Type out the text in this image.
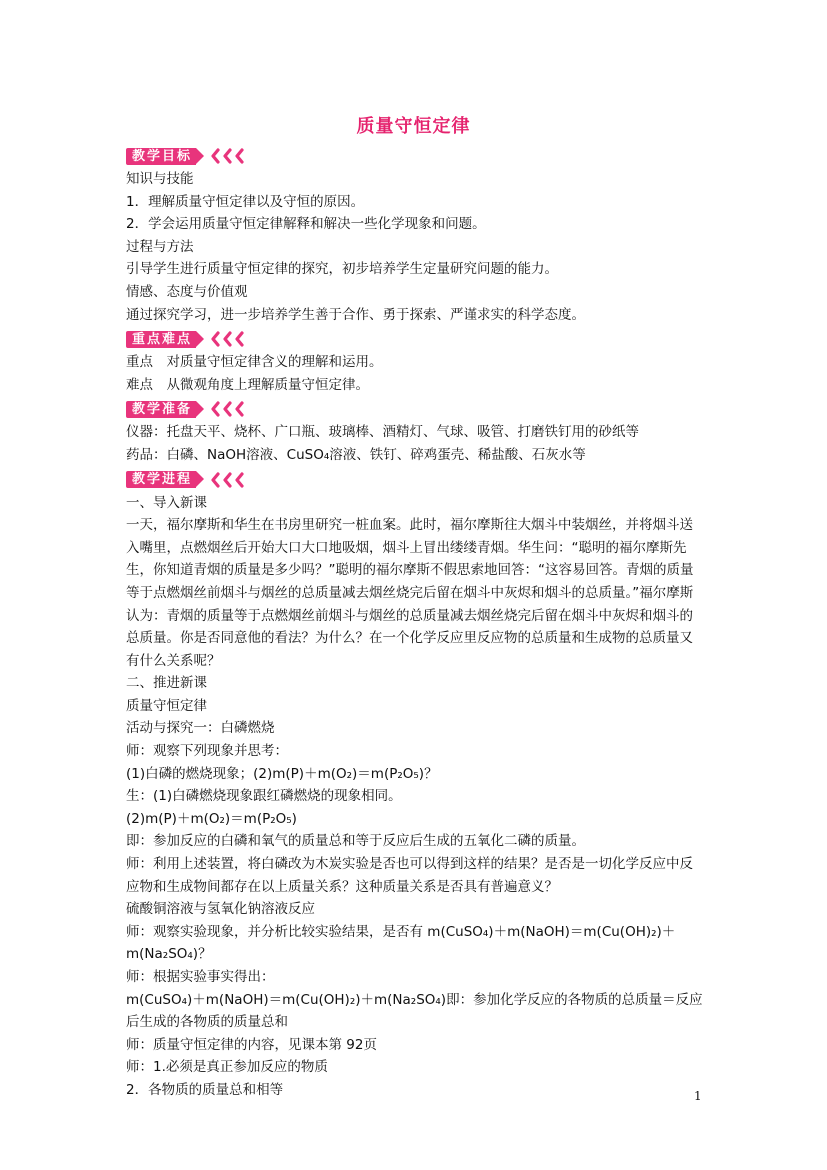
质量守恒定律
教学目标
知识与技能
1．理解质量守恒定律以及守恒的原因。
2．学会运用质量守恒定律解释和解决一些化学现象和问题。
过程与方法
引导学生进行质量守恒定律的探究，初步培养学生定量研究问题的能力。
情感、态度与价值观
通过探究学习，进一步培养学生善于合作、勇于探索、严谨求实的科学态度。
重点难点
重点　对质量守恒定律含义的理解和运用。
难点　从微观角度上理解质量守恒定律。
教学准备
仪器：托盘天平、烧杯、广口瓶、玻璃棒、酒精灯、气球、吸管、打磨铁钉用的砂纸等
药品：白磷、NaOH溶液、CuSO₄溶液、铁钉、碎鸡蛋壳、稀盐酸、石灰水等
教学进程
一、导入新课
一天，福尔摩斯和华生在书房里研究一桩血案。此时，福尔摩斯往大烟斗中装烟丝，并将烟斗送入嘴里，点燃烟丝后开始大口大口地吸烟，烟斗上冒出缕缕青烟。华生问：“聪明的福尔摩斯先生，你知道青烟的质量是多少吗？”聪明的福尔摩斯不假思索地回答：“这容易回答。青烟的质量等于点燃烟丝前烟斗与烟丝的总质量减去烟丝烧完后留在烟斗中灰烬和烟斗的总质量。”福尔摩斯认为：青烟的质量等于点燃烟丝前烟斗与烟丝的总质量减去烟丝烧完后留在烟斗中灰烬和烟斗的总质量。你是否同意他的看法？为什么？在一个化学反应里反应物的总质量和生成物的总质量又有什么关系呢？
二、推进新课
质量守恒定律
活动与探究一：白磷燃烧
师：观察下列现象并思考：
(1)白磷的燃烧现象；(2)m(P)＋m(O₂)＝m(P₂O₅)？
生：(1)白磷燃烧现象跟红磷燃烧的现象相同。
(2)m(P)＋m(O₂)＝m(P₂O₅)
即：参加反应的白磷和氧气的质量总和等于反应后生成的五氧化二磷的质量。
师：利用上述装置，将白磷改为木炭实验是否也可以得到这样的结果？是否是一切化学反应中反应物和生成物间都存在以上质量关系？这种质量关系是否具有普遍意义？
硫酸铜溶液与氢氧化钠溶液反应
师：观察实验现象，并分析比较实验结果，是否有 m(CuSO₄)＋m(NaOH)＝m(Cu(OH)₂)＋m(Na₂SO₄)？
师：根据实验事实得出：
m(CuSO₄)＋m(NaOH)＝m(Cu(OH)₂)＋m(Na₂SO₄)即：参加化学反应的各物质的总质量＝反应后生成的各物质的质量总和
师：质量守恒定律的内容，见课本第 92页
师：1.必须是真正参加反应的物质
2．各物质的质量总和相等	1
